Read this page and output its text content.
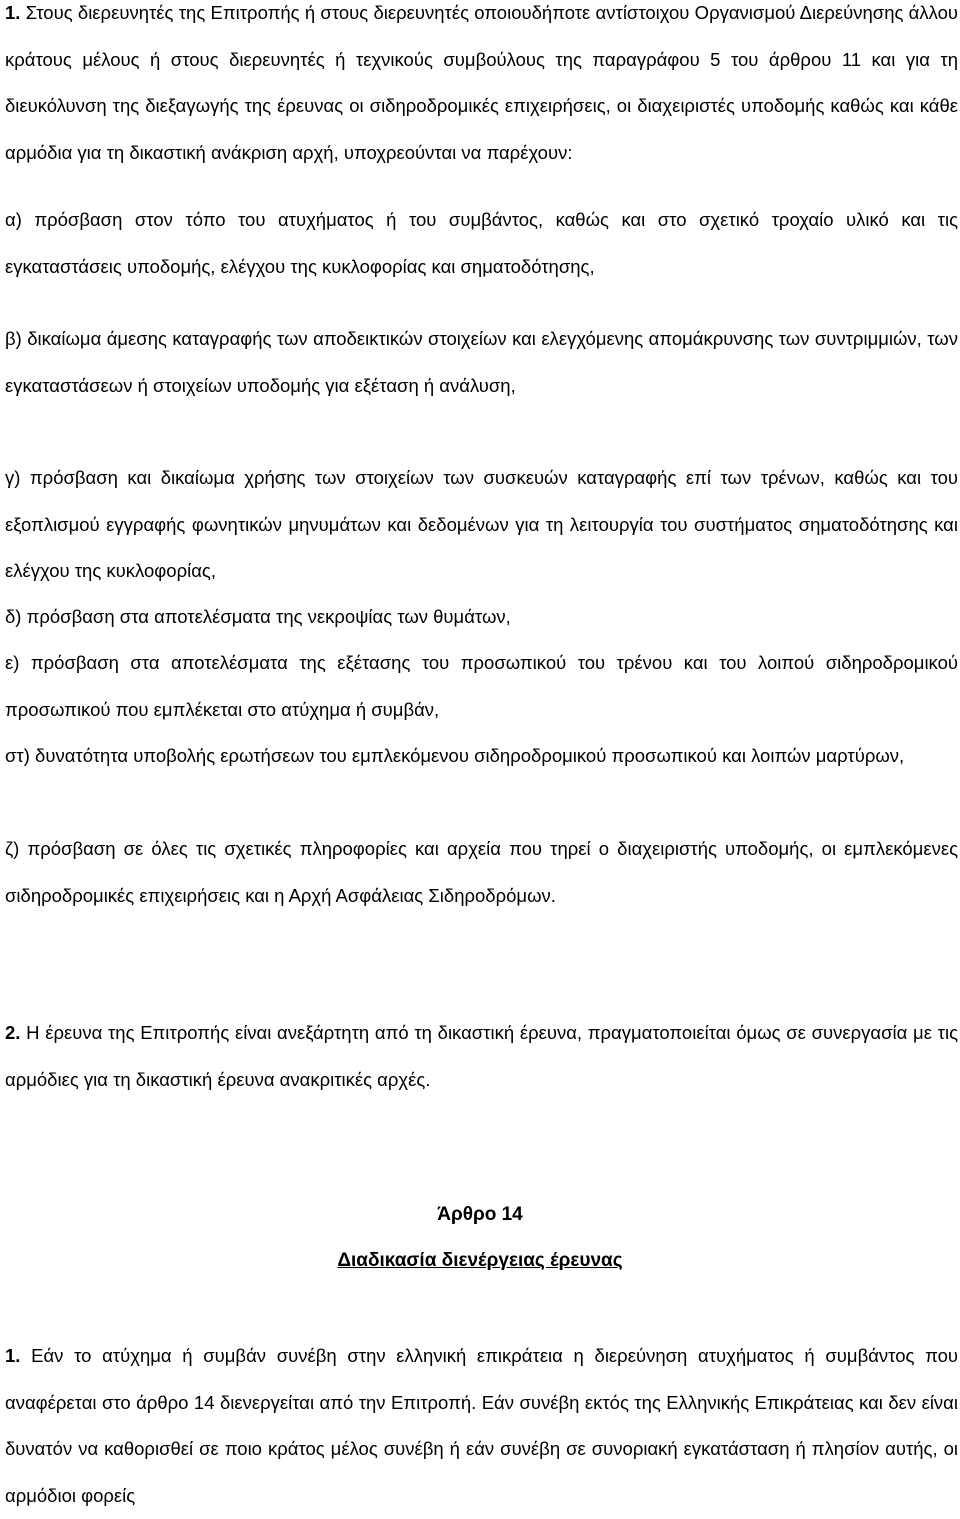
1. Στους διερευνητές της Επιτροπής ή στους διερευνητές οποιουδήποτε αντίστοιχου Οργανισμού Διερεύνησης άλλου κράτους μέλους ή στους διερευνητές ή τεχνικούς συμβούλους της παραγράφου 5 του άρθρου 11 και για τη διευκόλυνση της διεξαγωγής της έρευνας οι σιδηροδρομικές επιχειρήσεις, οι διαχειριστές υποδομής καθώς και κάθε αρμόδια για τη δικαστική ανάκριση αρχή, υποχρεούνται να παρέχουν:

α) πρόσβαση στον τόπο του ατυχήματος ή του συμβάντος, καθώς και στο σχετικό τροχαίο υλικό και τις εγκαταστάσεις υποδομής, ελέγχου της κυκλοφορίας και σηματοδότησης,

β) δικαίωμα άμεσης καταγραφής των αποδεικτικών στοιχείων και ελεγχόμενης απομάκρυνσης των συντριμμιών, των εγκαταστάσεων ή στοιχείων υποδομής για εξέταση ή ανάλυση,

γ) πρόσβαση και δικαίωμα χρήσης των στοιχείων των συσκευών καταγραφής επί των τρένων, καθώς και του εξοπλισμού εγγραφής φωνητικών μηνυμάτων και δεδομένων για τη λειτουργία του συστήματος σηματοδότησης και ελέγχου της κυκλοφορίας,

δ) πρόσβαση στα αποτελέσματα της νεκροψίας των θυμάτων,

ε) πρόσβαση στα αποτελέσματα της εξέτασης του προσωπικού του τρένου και του λοιπού σιδηροδρομικού προσωπικού που εμπλέκεται στο ατύχημα ή συμβάν,

στ) δυνατότητα υποβολής ερωτήσεων του εμπλεκόμενου σιδηροδρομικού προσωπικού και λοιπών μαρτύρων,

ζ) πρόσβαση σε όλες τις σχετικές πληροφορίες και αρχεία που τηρεί ο διαχειριστής υποδομής, οι εμπλεκόμενες σιδηροδρομικές επιχειρήσεις και η Αρχή Ασφάλειας Σιδηροδρόμων.

2. Η έρευνα της Επιτροπής είναι ανεξάρτητη από τη δικαστική έρευνα, πραγματοποιείται όμως σε συνεργασία με τις αρμόδιες για τη δικαστική έρευνα ανακριτικές αρχές.

Άρθρο 14
Διαδικασία διενέργειας έρευνας

1. Εάν το ατύχημα ή συμβάν συνέβη στην ελληνική επικράτεια η διερεύνηση ατυχήματος ή συμβάντος που αναφέρεται στο άρθρο 14 διενεργείται από την Επιτροπή. Εάν συνέβη εκτός της Ελληνικής Επικράτειας και δεν είναι δυνατόν να καθορισθεί σε ποιο κράτος μέλος συνέβη ή εάν συνέβη σε συνοριακή εγκατάσταση ή πλησίον αυτής, οι αρμόδιοι φορείς
